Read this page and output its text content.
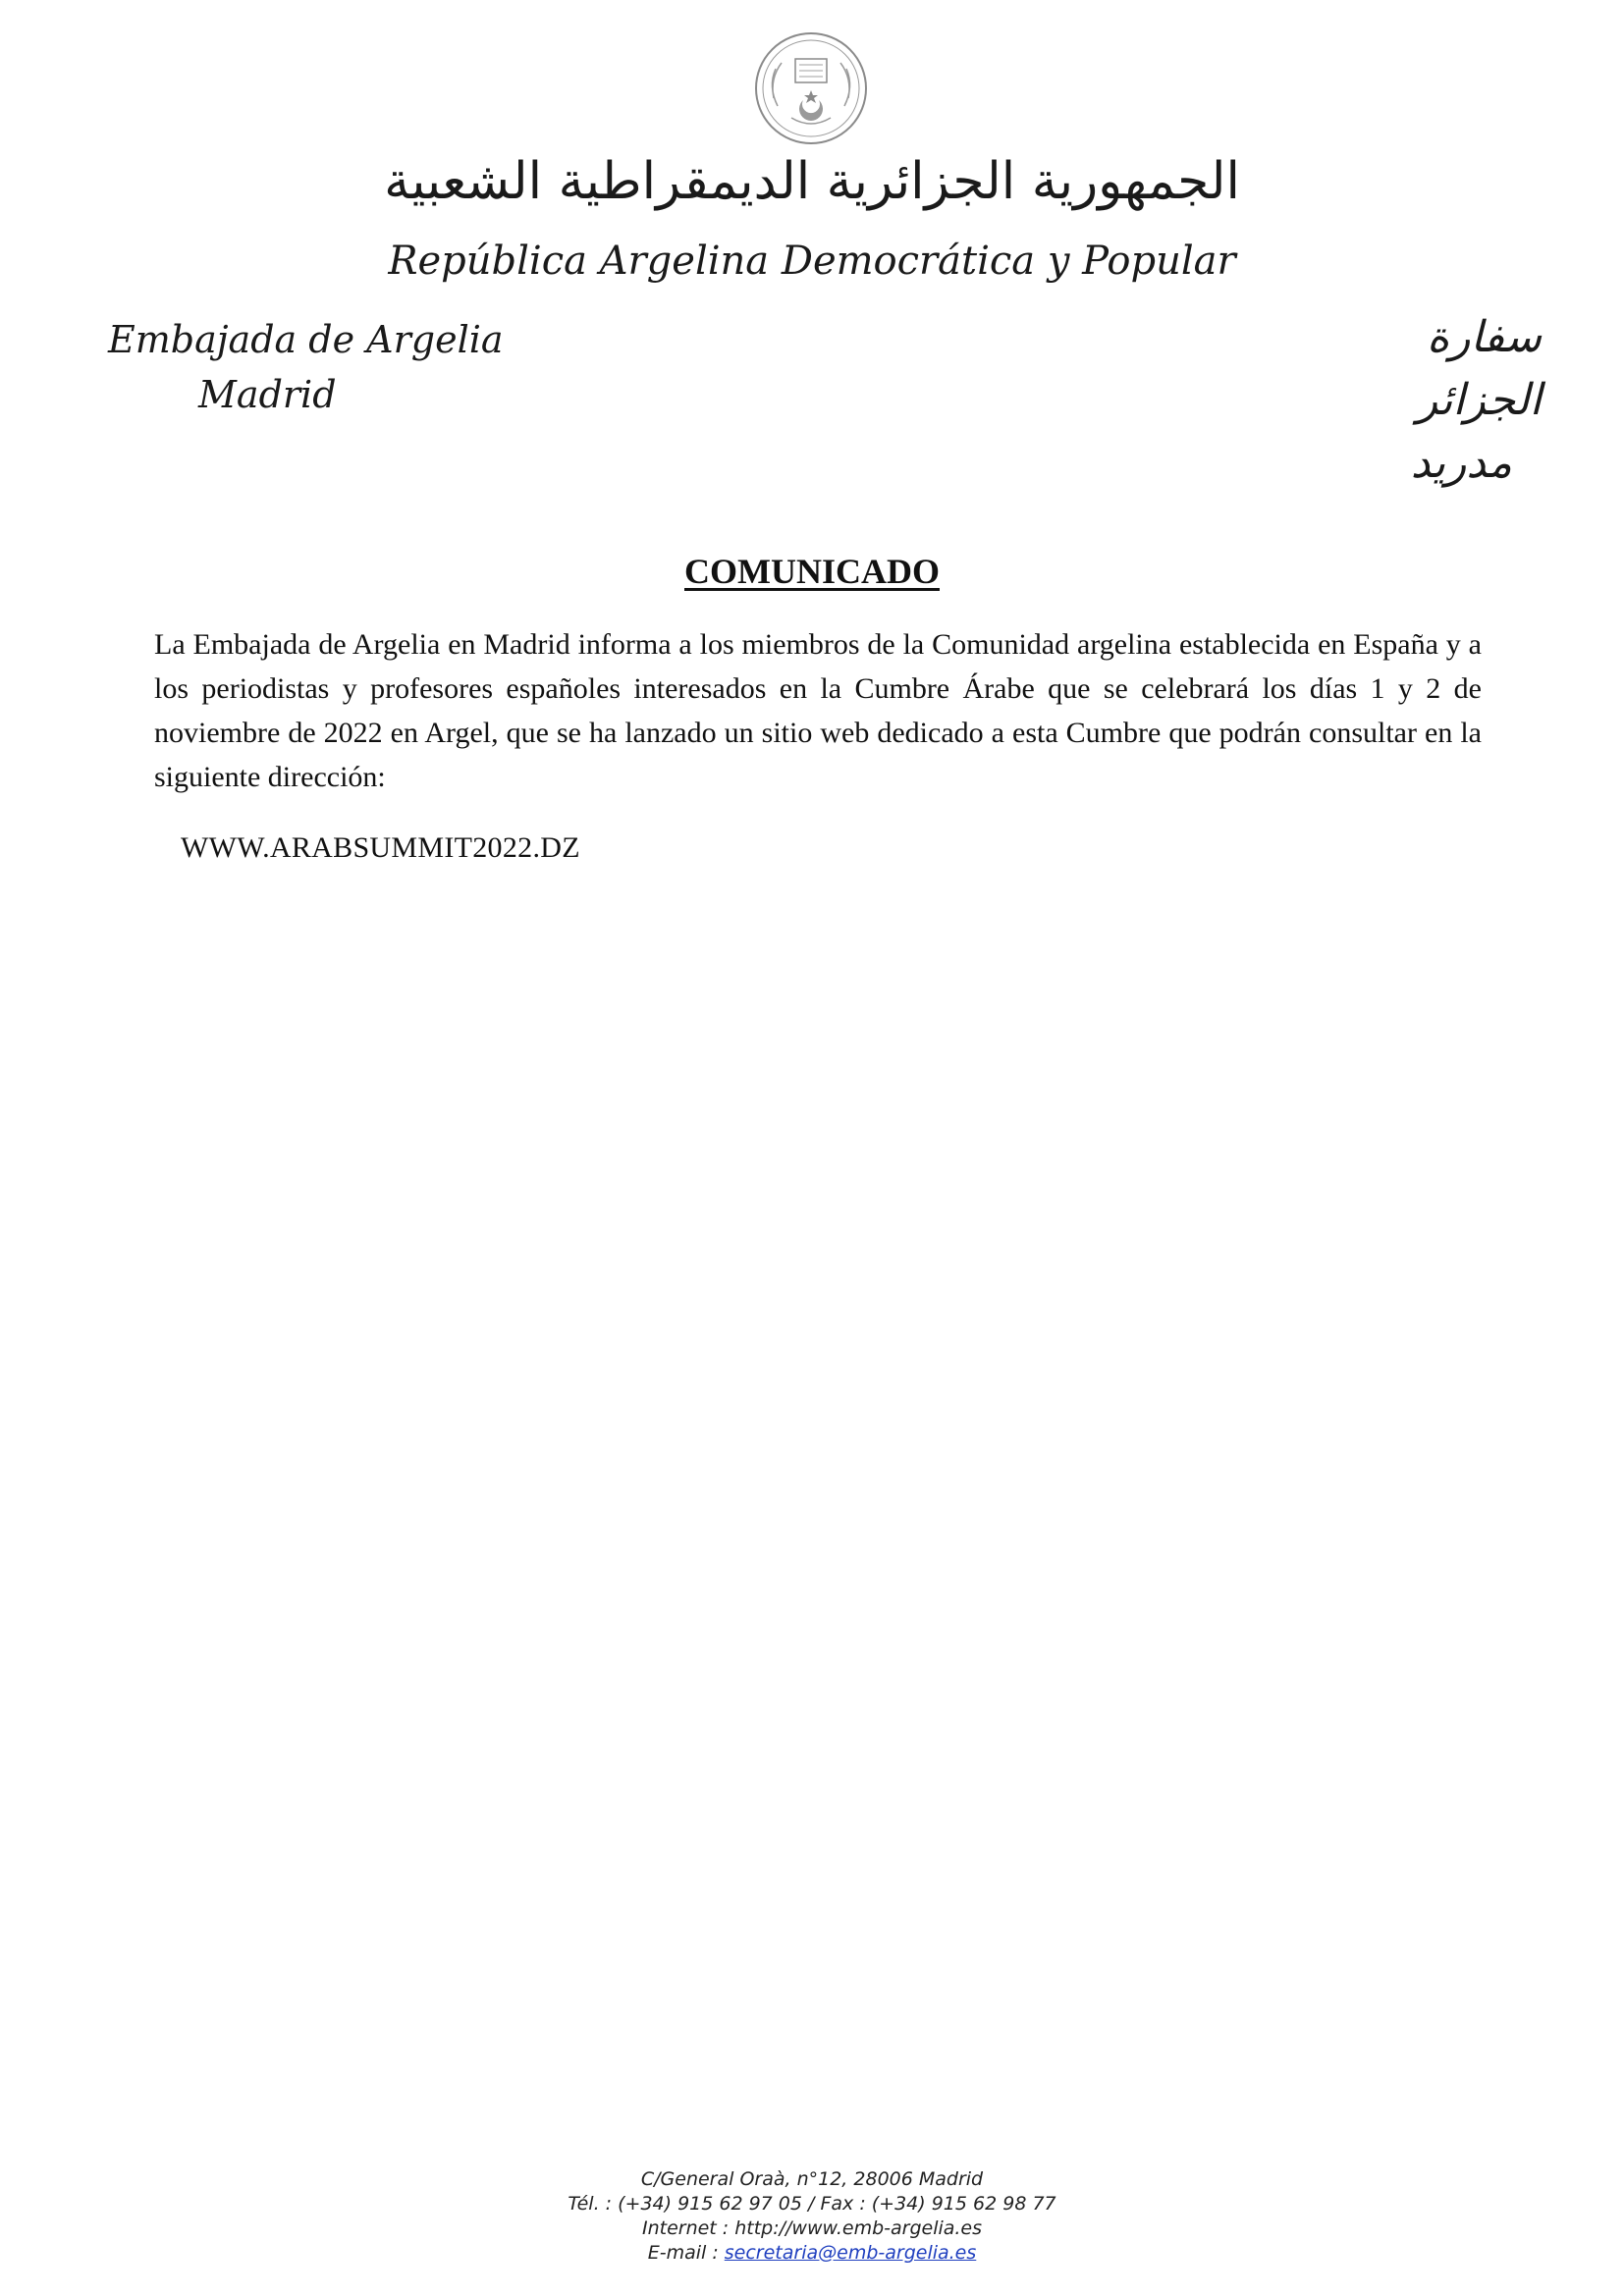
الجمهورية الجزائرية الديمقراطية الشعبية
República Argelina Democrática y Popular
Embajada de Argelia
Madrid
سفارة الجزائر
مدريد
COMUNICADO

La Embajada de Argelia en Madrid informa a los miembros de la Comunidad argelina establecida en España y a los periodistas y profesores españoles interesados en la Cumbre Árabe que se celebrará los días 1 y 2 de noviembre de 2022 en Argel, que se ha lanzado un sitio web dedicado a esta Cumbre que podrán consultar en la siguiente dirección:

WWW.ARABSUMMIT2022.DZ
C/General Oraà, n°12, 28006 Madrid
Tél. : (+34) 915 62 97 05 / Fax : (+34) 915 62 98 77
Internet : http://www.emb-argelia.es
E-mail : secretaria@emb-argelia.es
